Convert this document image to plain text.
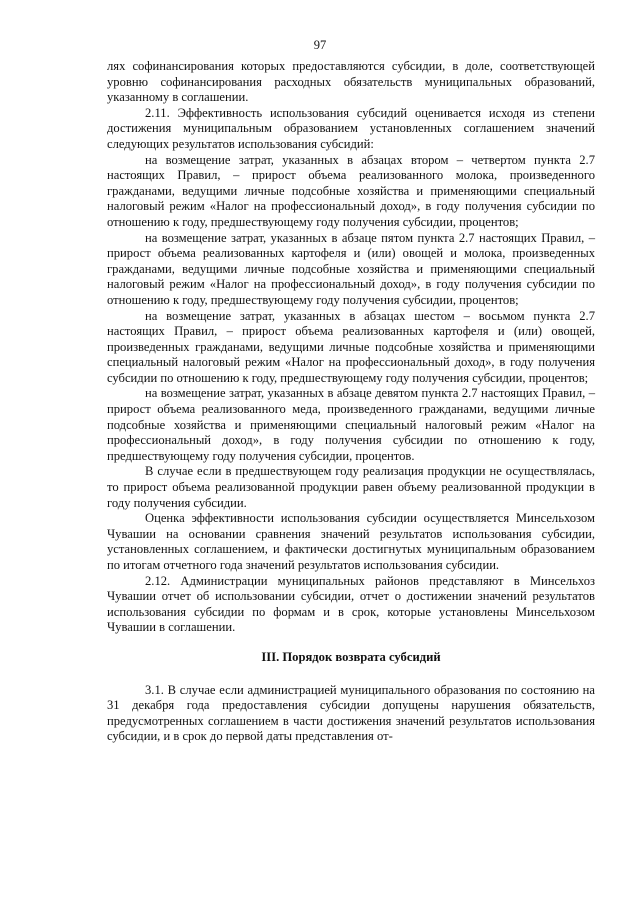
97

лях софинансирования которых предоставляются субсидии, в доле, соответствующей уровню софинансирования расходных обязательств муниципальных образований, указанному в соглашении.

2.11. Эффективность использования субсидий оценивается исходя из степени достижения муниципальным образованием установленных соглашением значений следующих результатов использования субсидий:

на возмещение затрат, указанных в абзацах втором – четвертом пункта 2.7 настоящих Правил, – прирост объема реализованного молока, произведенного гражданами, ведущими личные подсобные хозяйства и применяющими специальный налоговый режим «Налог на профессиональный доход», в году получения субсидии по отношению к году, предшествующему году получения субсидии, процентов;

на возмещение затрат, указанных в абзаце пятом пункта 2.7 настоящих Правил, – прирост объема реализованных картофеля и (или) овощей и молока, произведенных гражданами, ведущими личные подсобные хозяйства и применяющими специальный налоговый режим «Налог на профессиональный доход», в году получения субсидии по отношению к году, предшествующему году получения субсидии, процентов;

на возмещение затрат, указанных в абзацах шестом – восьмом пункта 2.7 настоящих Правил, – прирост объема реализованных картофеля и (или) овощей, произведенных гражданами, ведущими личные подсобные хозяйства и применяющими специальный налоговый режим «Налог на профессиональный доход», в году получения субсидии по отношению к году, предшествующему году получения субсидии, процентов;

на возмещение затрат, указанных в абзаце девятом пункта 2.7 настоящих Правил, – прирост объема реализованного меда, произведенного гражданами, ведущими личные подсобные хозяйства и применяющими специальный налоговый режим «Налог на профессиональный доход», в году получения субсидии по отношению к году, предшествующему году получения субсидии, процентов.

В случае если в предшествующем году реализация продукции не осуществлялась, то прирост объема реализованной продукции равен объему реализованной продукции в году получения субсидии.

Оценка эффективности использования субсидии осуществляется Минсельхозом Чувашии на основании сравнения значений результатов использования субсидии, установленных соглашением, и фактически достигнутых муниципальным образованием по итогам отчетного года значений результатов использования субсидии.

2.12. Администрации муниципальных районов представляют в Минсельхоз Чувашии отчет об использовании субсидии, отчет о достижении значений результатов использования субсидии по формам и в срок, которые установлены Минсельхозом Чувашии в соглашении.

III. Порядок возврата субсидий

3.1. В случае если администрацией муниципального образования по состоянию на 31 декабря года предоставления субсидии допущены нарушения обязательств, предусмотренных соглашением в части достижения значений результатов использования субсидии, и в срок до первой даты представления от-
